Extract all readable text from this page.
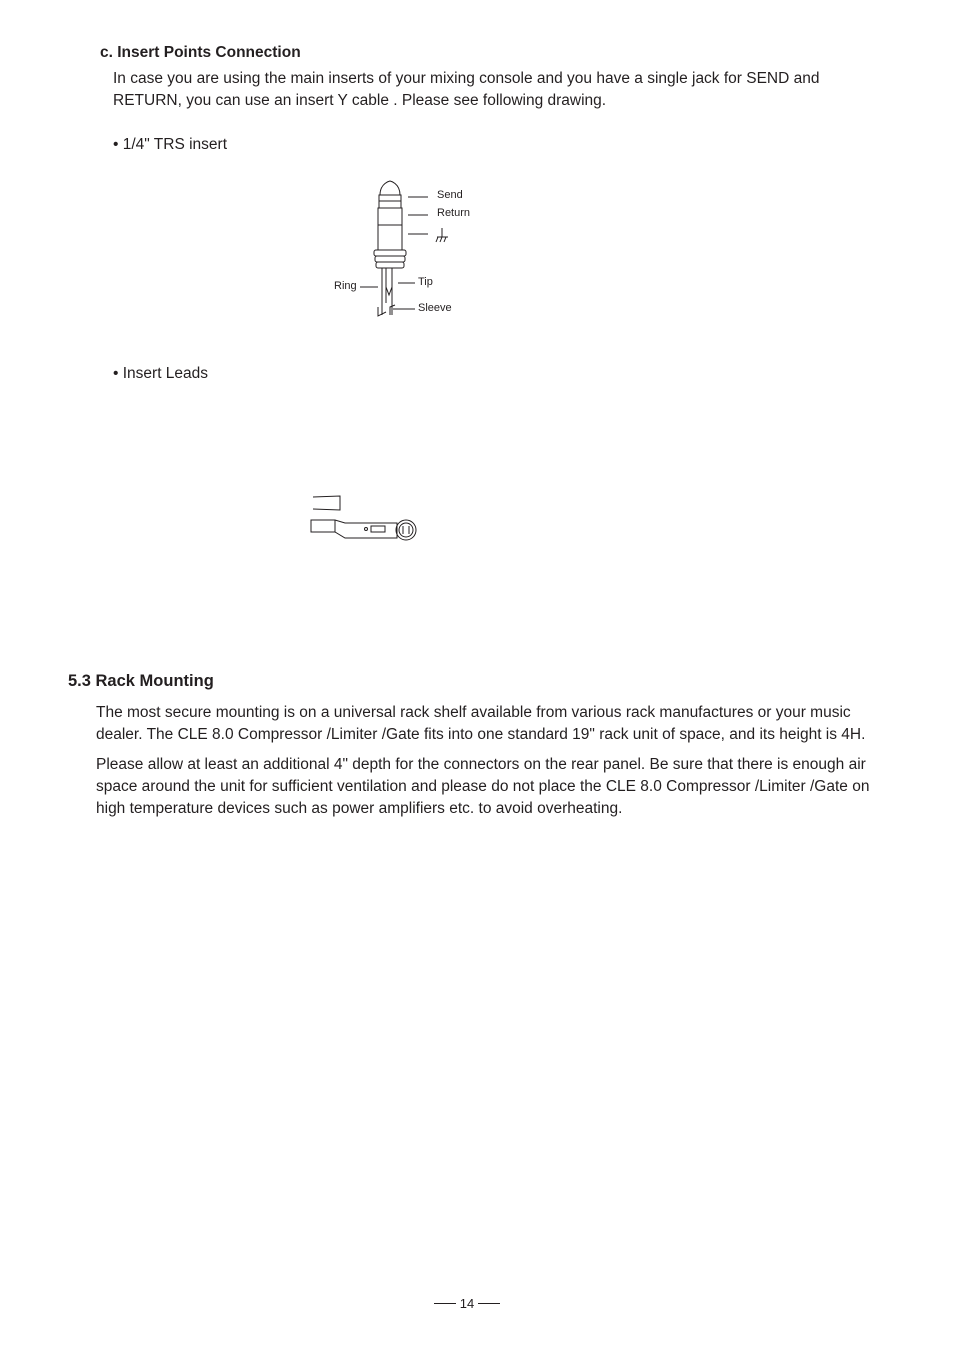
c. Insert Points Connection
In case you are using the main inserts of your mixing console and you have a single jack for SEND and
RETURN, you can use an insert Y cable . Please see following drawing.
• 1/4" TRS insert
Send
Return
Tip
Ring
Sleeve
• Insert Leads
5.3 Rack Mounting
The most secure mounting is on a universal rack shelf available from various rack manufactures or your music
dealer. The CLE 8.0 Compressor /Limiter /Gate fits into one standard 19" rack unit of space, and its height is 4H.
Please allow at least an additional 4" depth for the connectors on the rear panel. Be sure that there is enough air
space around the unit for sufficient ventilation and please do not place the CLE 8.0 Compressor /Limiter /Gate on
high temperature devices such as power amplifiers etc. to avoid overheating.
14
